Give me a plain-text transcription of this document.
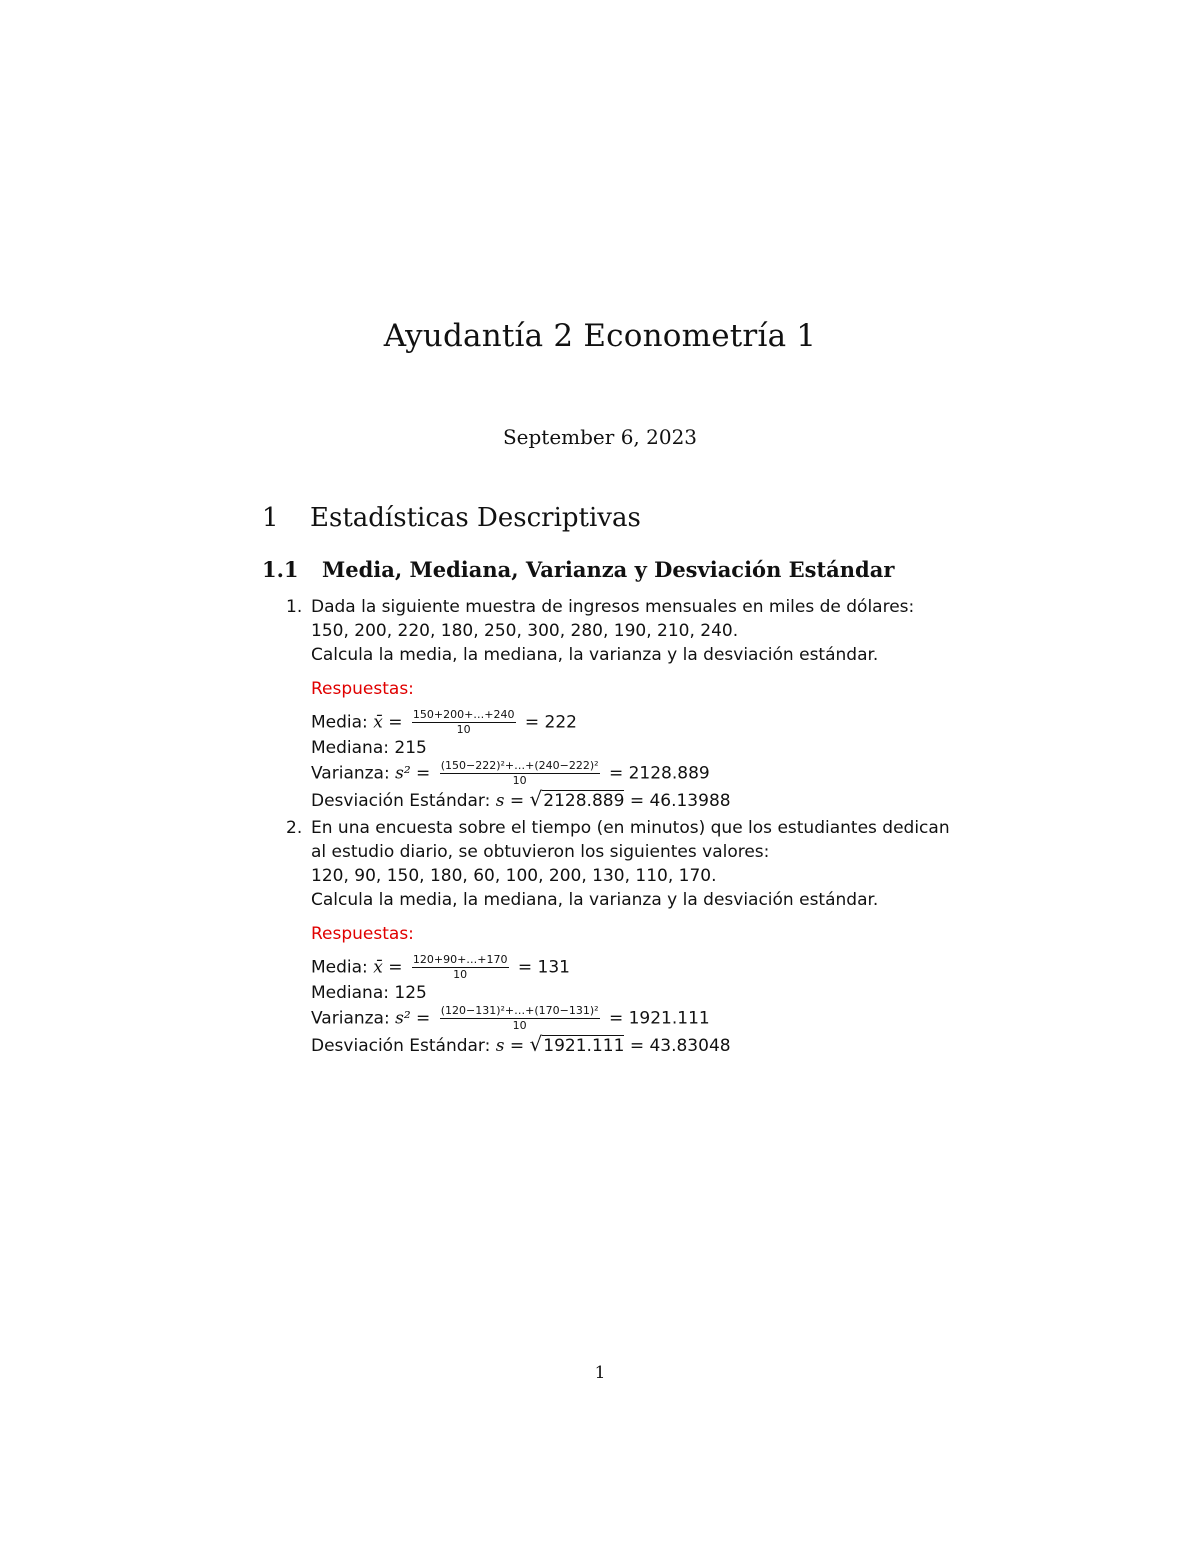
Ayudantía 2 Econometría 1
September 6, 2023
1 Estadísticas Descriptivas
1.1 Media, Mediana, Varianza y Desviación Estándar
1. Dada la siguiente muestra de ingresos mensuales en miles de dólares:
150, 200, 220, 180, 250, 300, 280, 190, 210, 240.
Calcula la media, la mediana, la varianza y la desviación estándar.
Respuestas:
Media: x̄ = $\frac{150+200+\dots+240}{10} = 222$
Mediana: 215
Varianza: $s^2 = \frac{\text{(150−222)²+…+(240−222)²}}{10} = 2128.889$
Desviación Estándar: s = √2128.889 = 46.13988
2. En una encuesta sobre el tiempo (en minutos) que los estudiantes dedican
al estudio diario, se obtuvieron los siguientes valores:
120, 90, 150, 180, 60, 100, 200, 130, 110, 170.
Calcula la media, la mediana, la varianza y la desviación estándar.
Respuestas:
Media: x̄ = $\frac{120+90+\dots+170}{10} = 131$
Mediana: 125
Varianza: $s^2 = \frac{\text{(120−131)²+…+(170−131)²}}{10} = 1921.111$
Desviación Estándar: s = √1921.111 = 43.83048
1
